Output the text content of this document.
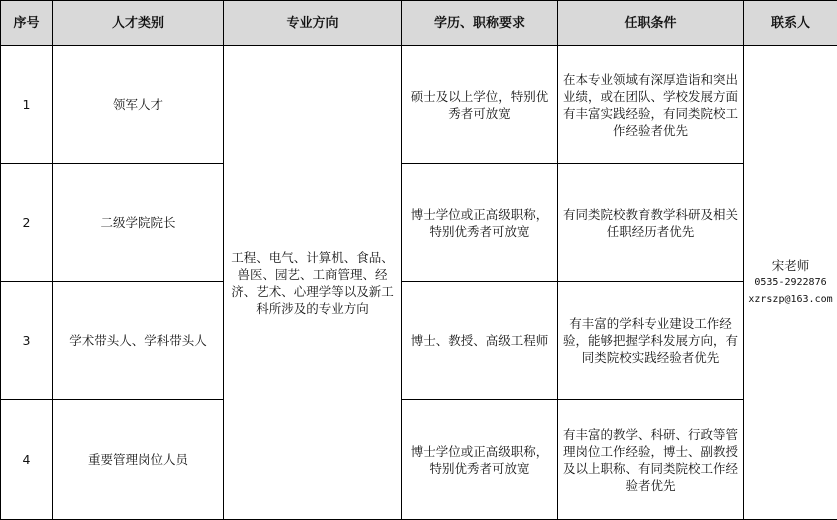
序号	人才类别	专业方向	学历、职称要求	任职条件	联系人
1	领军人才	工程、电气、计算机、食品、兽医、园艺、工商管理、经济、艺术、心理学等以及新工科所涉及的专业方向	硕士及以上学位，特别优秀者可放宽	在本专业领域有深厚造诣和突出业绩，或在团队、学校发展方面有丰富实践经验，有同类院校工作经验者优先	宋老师
0535-2922876
xzrszp@163.com

2	二级学院院长		博士学位或正高级职称，特别优秀者可放宽	有同类院校教育教学科研及相关任职经历者优先	
3	学术带头人、学科带头人		博士、教授、高级工程师	有丰富的学科专业建设工作经验，能够把握学科发展方向，有同类院校实践经验者优先	
4	重要管理岗位人员		博士学位或正高级职称，特别优秀者可放宽	有丰富的教学、科研、行政等管理岗位工作经验，博士、副教授及以上职称、有同类院校工作经验者优先	
